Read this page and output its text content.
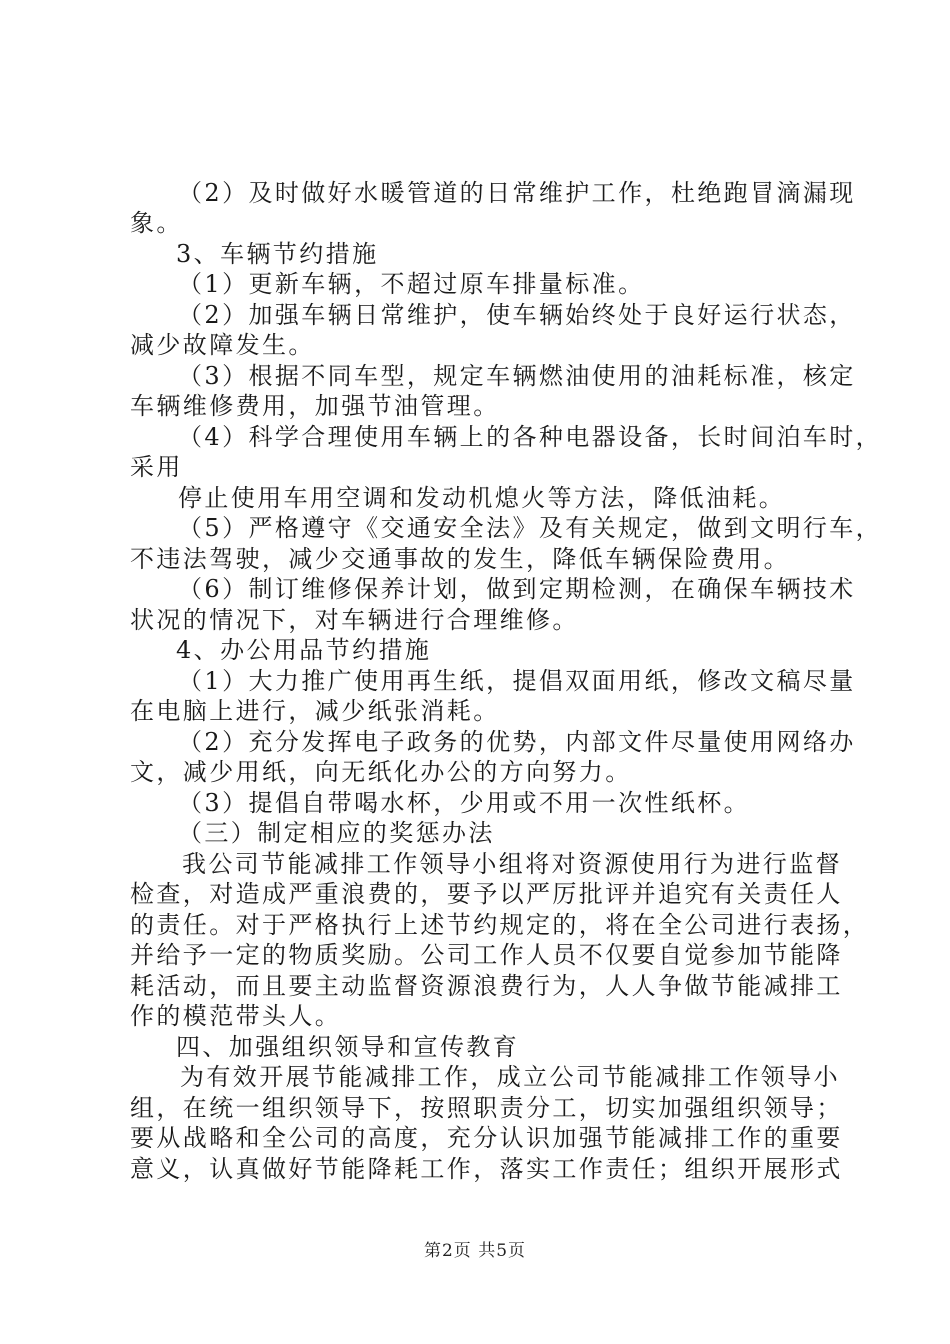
（2）及时做好水暖管道的日常维护工作，杜绝跑冒滴漏现
象。
3、车辆节约措施
（1）更新车辆，不超过原车排量标准。
（2）加强车辆日常维护，使车辆始终处于良好运行状态，
减少故障发生。
（3）根据不同车型，规定车辆燃油使用的油耗标准，核定
车辆维修费用，加强节油管理。
（4）科学合理使用车辆上的各种电器设备，长时间泊车时，
采用
停止使用车用空调和发动机熄火等方法，降低油耗。
（5）严格遵守《交通安全法》及有关规定，做到文明行车，
不违法驾驶，减少交通事故的发生，降低车辆保险费用。
（6）制订维修保养计划，做到定期检测，在确保车辆技术
状况的情况下，对车辆进行合理维修。
4、办公用品节约措施
（1）大力推广使用再生纸，提倡双面用纸，修改文稿尽量
在电脑上进行，减少纸张消耗。
（2）充分发挥电子政务的优势，内部文件尽量使用网络办
文，减少用纸，向无纸化办公的方向努力。
（3）提倡自带喝水杯，少用或不用一次性纸杯。
（三）制定相应的奖惩办法
我公司节能减排工作领导小组将对资源使用行为进行监督
检查，对造成严重浪费的，要予以严厉批评并追究有关责任人
的责任。对于严格执行上述节约规定的，将在全公司进行表扬，
并给予一定的物质奖励。公司工作人员不仅要自觉参加节能降
耗活动，而且要主动监督资源浪费行为，人人争做节能减排工
作的模范带头人。
四、加强组织领导和宣传教育
为有效开展节能减排工作，成立公司节能减排工作领导小
组，在统一组织领导下，按照职责分工，切实加强组织领导；
要从战略和全公司的高度，充分认识加强节能减排工作的重要
意义，认真做好节能降耗工作，落实工作责任；组织开展形式
第2页 共5页
